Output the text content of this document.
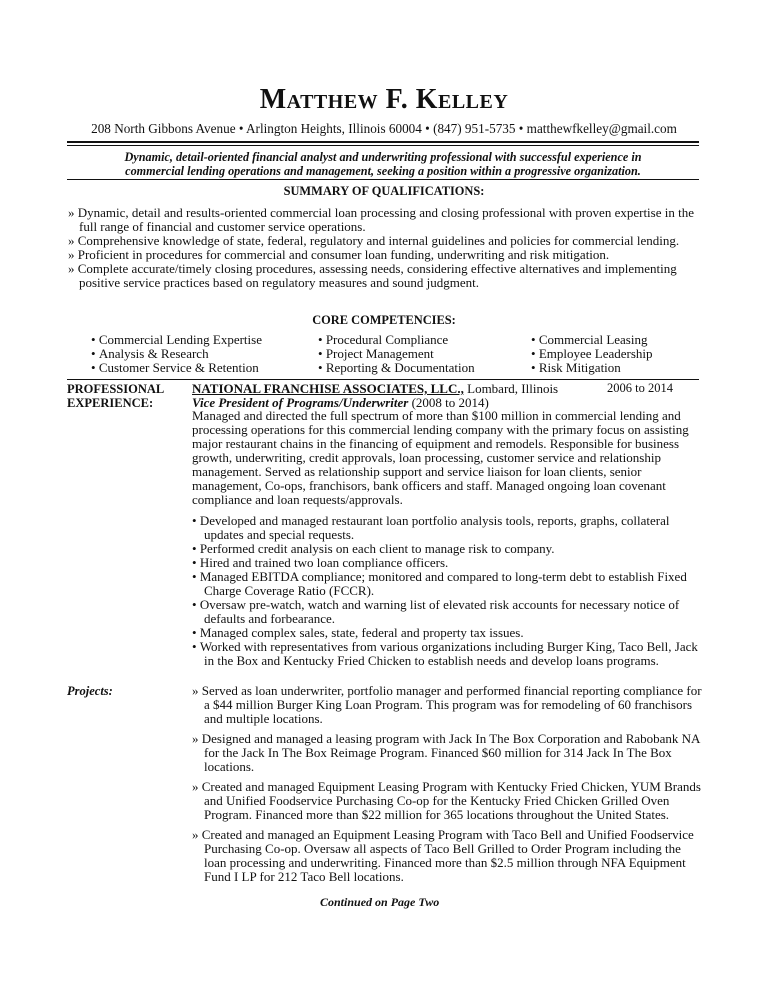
Matthew F. Kelley
208 North Gibbons Avenue • Arlington Heights, Illinois 60004 • (847) 951-5735 • matthewfkelley@gmail.com
Dynamic, detail-oriented financial analyst and underwriting professional with successful experience in
commercial lending operations and management, seeking a position within a progressive organization.
SUMMARY OF QUALIFICATIONS:
» Dynamic, detail and results-oriented commercial loan processing and closing professional with proven expertise in the full range of financial and customer service operations.
» Comprehensive knowledge of state, federal, regulatory and internal guidelines and policies for commercial lending.
» Proficient in procedures for commercial and consumer loan funding, underwriting and risk mitigation.
» Complete accurate/timely closing procedures, assessing needs, considering effective alternatives and implementing positive service practices based on regulatory measures and sound judgment.
CORE COMPETENCIES:
• Commercial Lending Expertise
• Analysis & Research
• Customer Service & Retention
• Procedural Compliance
• Project Management
• Reporting & Documentation
• Commercial Leasing
• Employee Leadership
• Risk Mitigation
PROFESSIONAL
EXPERIENCE:
NATIONAL FRANCHISE ASSOCIATES, LLC., Lombard, Illinois	2006 to 2014
Vice President of Programs/Underwriter (2008 to 2014)

Managed and directed the full spectrum of more than $100 million in commercial lending and processing operations for this commercial lending company with the primary focus on assisting major restaurant chains in the financing of equipment and remodels. Responsible for business growth, underwriting, credit approvals, loan processing, customer service and relationship management. Served as relationship support and service liaison for loan clients, senior management, Co-ops, franchisors, bank officers and staff. Managed ongoing loan covenant compliance and loan requests/approvals.

• Developed and managed restaurant loan portfolio analysis tools, reports, graphs, collateral updates and special requests.
• Performed credit analysis on each client to manage risk to company.
• Hired and trained two loan compliance officers.
• Managed EBITDA compliance; monitored and compared to long-term debt to establish Fixed Charge Coverage Ratio (FCCR).
• Oversaw pre-watch, watch and warning list of elevated risk accounts for necessary notice of defaults and forbearance.
• Managed complex sales, state, federal and property tax issues.
• Worked with representatives from various organizations including Burger King, Taco Bell, Jack in the Box and Kentucky Fried Chicken to establish needs and develop loans programs.
Projects:
»	Served as loan underwriter, portfolio manager and performed financial reporting compliance for a $44 million Burger King Loan Program. This program was for remodeling of 60 franchisors and multiple locations.
» Designed and managed a leasing program with Jack In The Box Corporation and Rabobank NA for the Jack In The Box Reimage Program. Financed $60 million for 314 Jack In The Box locations.
» Created and managed Equipment Leasing Program with Kentucky Fried Chicken, YUM Brands and Unified Foodservice Purchasing Co-op for the Kentucky Fried Chicken Grilled Oven Program. Financed more than $22 million for 365 locations throughout the United States.
» Created and managed an Equipment Leasing Program with Taco Bell and Unified Foodservice Purchasing Co-op. Oversaw all aspects of Taco Bell Grilled to Order Program including the loan processing and underwriting. Financed more than $2.5 million through NFA Equipment Fund I LP for 212 Taco Bell locations.
Continued on Page Two
